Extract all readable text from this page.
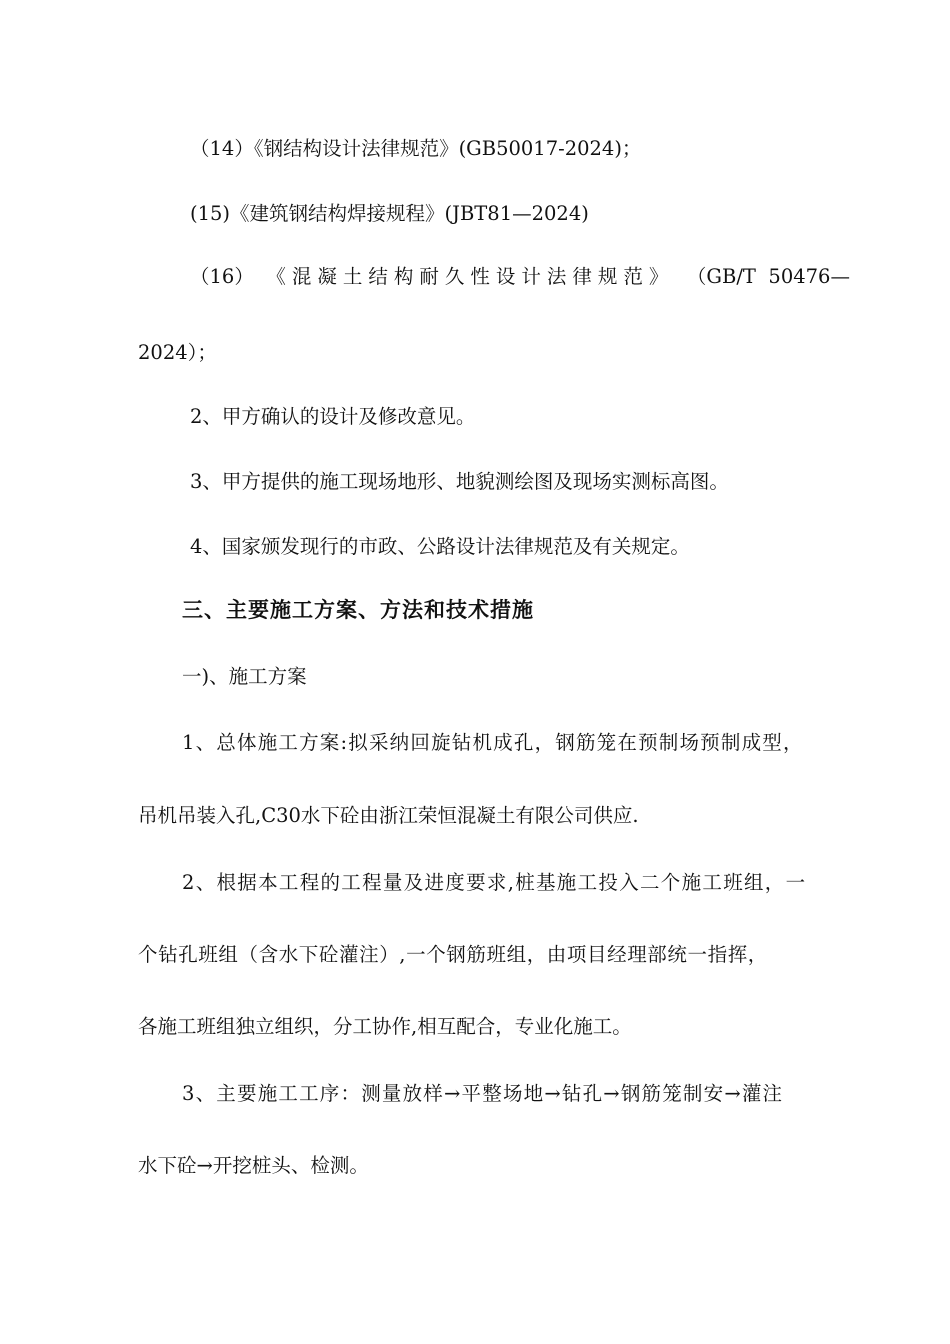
（14）《钢结构设计法律规范》(GB50017-2024)；
(15)《建筑钢结构焊接规程》(JBT81—2024)
（16） 《混凝土结构耐久性设计法律规范》 （GB/T 50476—
2024）；
2、甲方确认的设计及修改意见。
3、甲方提供的施工现场地形、地貌测绘图及现场实测标高图。
4、国家颁发现行的市政、公路设计法律规范及有关规定。
三、主要施工方案、方法和技术措施
一)、施工方案
1、总体施工方案:拟采纳回旋钻机成孔，钢筋笼在预制场预制成型，
吊机吊装入孔,C30水下砼由浙江荣恒混凝土有限公司供应.
2、根据本工程的工程量及进度要求,桩基施工投入二个施工班组，一
个钻孔班组（含水下砼灌注）,一个钢筋班组，由项目经理部统一指挥，
各施工班组独立组织，分工协作,相互配合，专业化施工。
3、主要施工工序：测量放样→平整场地→钻孔→钢筋笼制安→灌注
水下砼→开挖桩头、检测。
